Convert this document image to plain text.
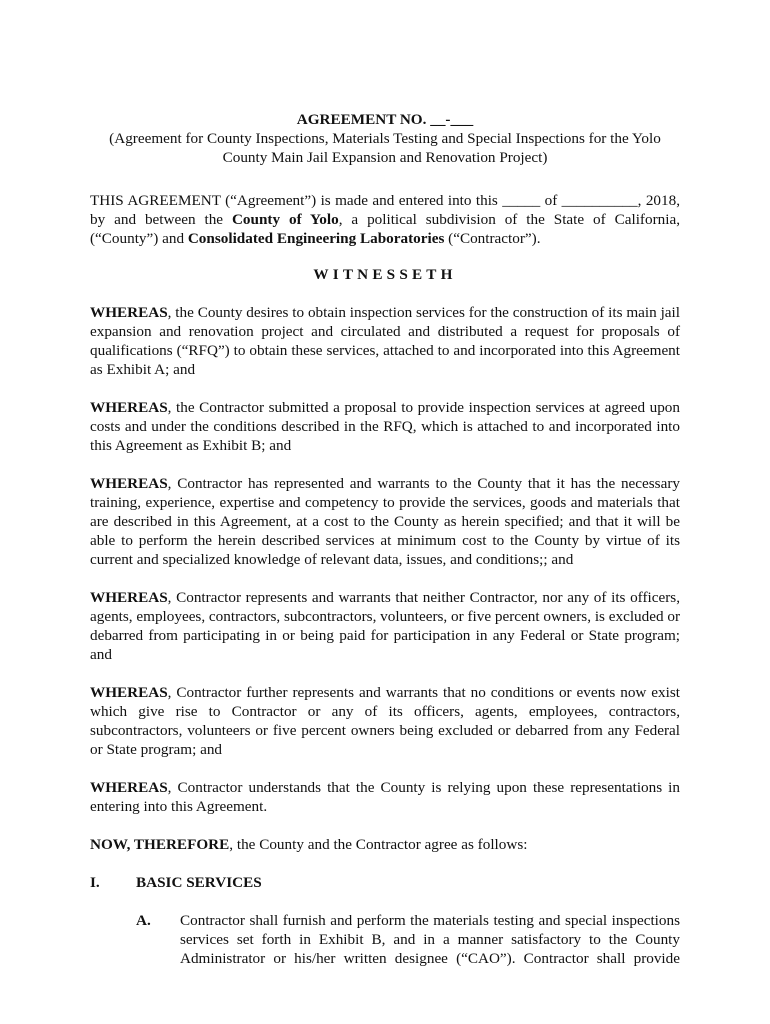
AGREEMENT NO. __-___
(Agreement for County Inspections, Materials Testing and Special Inspections for the Yolo
County Main Jail Expansion and Renovation Project)

THIS AGREEMENT (“Agreement”) is made and entered into this _____ of __________, 2018, by and between the County of Yolo, a political subdivision of the State of California, (“County”) and Consolidated Engineering Laboratories (“Contractor”).

WITNESSETH

WHEREAS, the County desires to obtain inspection services for the construction of its main jail expansion and renovation project and circulated and distributed a request for proposals of qualifications (“RFQ”) to obtain these services, attached to and incorporated into this Agreement as Exhibit A; and

WHEREAS, the Contractor submitted a proposal to provide inspection services at agreed upon costs and under the conditions described in the RFQ, which is attached to and incorporated into this Agreement as Exhibit B; and

WHEREAS, Contractor has represented and warrants to the County that it has the necessary training, experience, expertise and competency to provide the services, goods and materials that are described in this Agreement, at a cost to the County as herein specified; and that it will be able to perform the herein described services at minimum cost to the County by virtue of its current and specialized knowledge of relevant data, issues, and conditions;; and

WHEREAS, Contractor represents and warrants that neither Contractor, nor any of its officers, agents, employees, contractors, subcontractors, volunteers, or five percent owners, is excluded or debarred from participating in or being paid for participation in any Federal or State program; and

WHEREAS, Contractor further represents and warrants that no conditions or events now exist which give rise to Contractor or any of its officers, agents, employees, contractors, subcontractors, volunteers or five percent owners being excluded or debarred from any Federal or State program; and

WHEREAS, Contractor understands that the County is relying upon these representations in entering into this Agreement.

NOW, THEREFORE, the County and the Contractor agree as follows:

I.	BASIC SERVICES
A.	Contractor shall furnish and perform the materials testing and special inspections services set forth in Exhibit B, and in a manner satisfactory to the County Administrator or his/her written designee (“CAO”). Contractor shall provide
